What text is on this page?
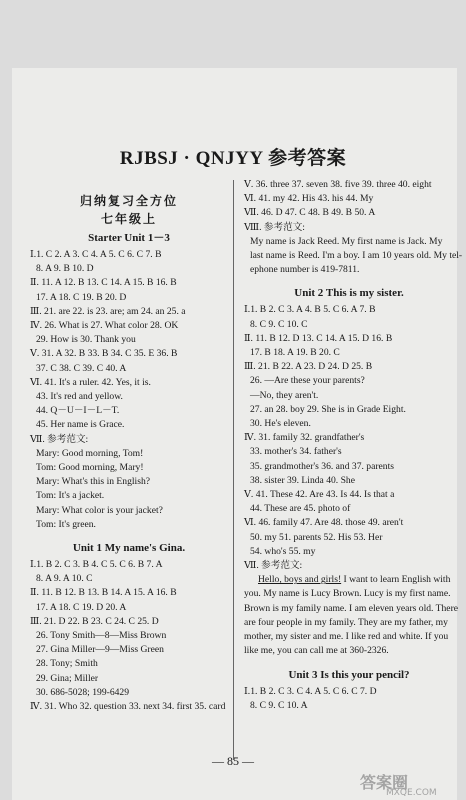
RJBSJ · QNJYY 参考答案
归纳复习全方位
七年级上
Starter Unit 1－3
Ⅰ.1. C 2. A 3. C 4. A 5. C 6. C 7. B
8. A 9. B 10. D
Ⅱ. 11. A 12. B 13. C 14. A 15. B 16. B
17. A 18. C 19. B 20. D
Ⅲ. 21. are 22. is 23. are; am 24. an 25. a
Ⅳ. 26. What is 27. What color 28. OK
29. How is 30. Thank you
Ⅴ. 31. A 32. B 33. B 34. C 35. E 36. B
37. C 38. C 39. C 40. A
Ⅵ. 41. It's a ruler. 42. Yes, it is.
43. It's red and yellow.
44. Q－U－I－L－T.
45. Her name is Grace.
Ⅶ. 参考范文:
Mary: Good morning, Tom!
Tom: Good morning, Mary!
Mary: What's this in English?
Tom: It's a jacket.
Mary: What color is your jacket?
Tom: It's green.
Unit 1 My name's Gina.
Ⅰ.1. B 2. C 3. B 4. C 5. C 6. B 7. A
8. A 9. A 10. C
Ⅱ. 11. B 12. B 13. B 14. A 15. A 16. B
17. A 18. C 19. D 20. A
Ⅲ. 21. D 22. B 23. C 24. C 25. D
26. Tony Smith—8—Miss Brown
27. Gina Miller—9—Miss Green
28. Tony; Smith
29. Gina; Miller
30. 686-5028; 199-6429
Ⅳ. 31. Who 32. question 33. next 34. first 35. card
Ⅴ. 36. three 37. seven 38. five 39. three 40. eight
Ⅵ. 41. my 42. His 43. his 44. My
Ⅶ. 46. D 47. C 48. B 49. B 50. A
Ⅷ. 参考范文:
My name is Jack Reed. My first name is Jack. My
last name is Reed. I'm a boy. I am 10 years old. My tel-
ephone number is 419-7811.
Unit 2 This is my sister.
Ⅰ.1. B 2. C 3. A 4. B 5. C 6. A 7. B
8. C 9. C 10. C
Ⅱ. 11. B 12. D 13. C 14. A 15. D 16. B
17. B 18. A 19. B 20. C
Ⅲ. 21. B 22. A 23. D 24. D 25. B
26. —Are these your parents?
—No, they aren't.
27. an 28. boy 29. She is in Grade Eight.
30. He's eleven.
Ⅳ. 31. family 32. grandfather's
33. mother's 34. father's
35. grandmother's 36. and 37. parents
38. sister 39. Linda 40. She
Ⅴ. 41. These 42. Are 43. Is 44. Is that a
44. These are 45. photo of
Ⅵ. 46. family 47. Are 48. those 49. aren't
50. my 51. parents 52. His 53. Her
54. who's 55. my
Ⅶ. 参考范文:
Hello, boys and girls! I want to learn English with
you. My name is Lucy Brown. Lucy is my first name.
Brown is my family name. I am eleven years old. There
are four people in my family. They are my father, my
mother, my sister and me. I like red and white. If you
like me, you can call me at 360-2326.
Unit 3 Is this your pencil?
Ⅰ.1. B 2. C 3. C 4. A 5. C 6. C 7. D
8. C 9. C 10. A
— 85 —
答案圈
MXQE.COM
